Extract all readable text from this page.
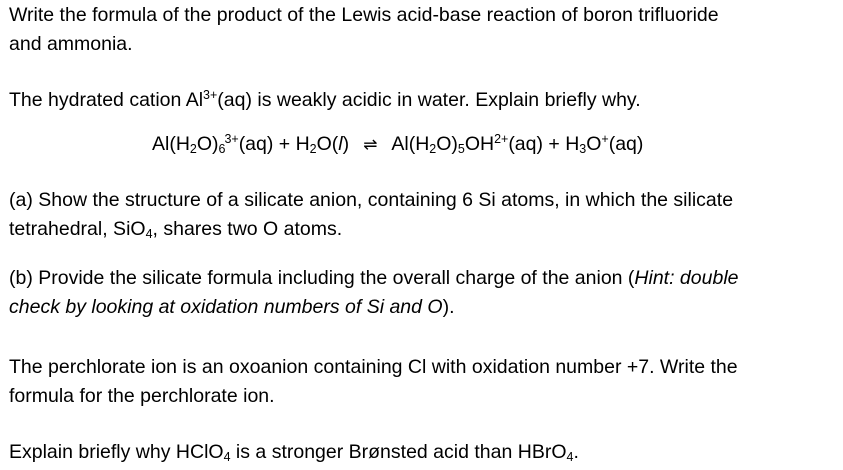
Write the formula of the product of the Lewis acid-base reaction of boron trifluoride
and ammonia.
The hydrated cation $Al^{3+}(aq)$ is weakly acidic in water. Explain briefly why.
$Al(H_2O)_6^{3+}(aq) + H_2O(l)$ ⇌ $Al(H_2O)_5OH^{2+}(aq) + H_3O^+(aq)$
(a) Show the structure of a silicate anion, containing 6 Si atoms, in which the silicate
tetrahedral, SiO$_4$, shares two O atoms.
(b) Provide the silicate formula including the overall charge of the anion (Hint: double
check by looking at oxidation numbers of Si and O).
The perchlorate ion is an oxoanion containing Cl with oxidation number +7. Write the
formula for the perchlorate ion.
Explain briefly why HClO$_4$ is a stronger Brønsted acid than HBrO$_4$.
